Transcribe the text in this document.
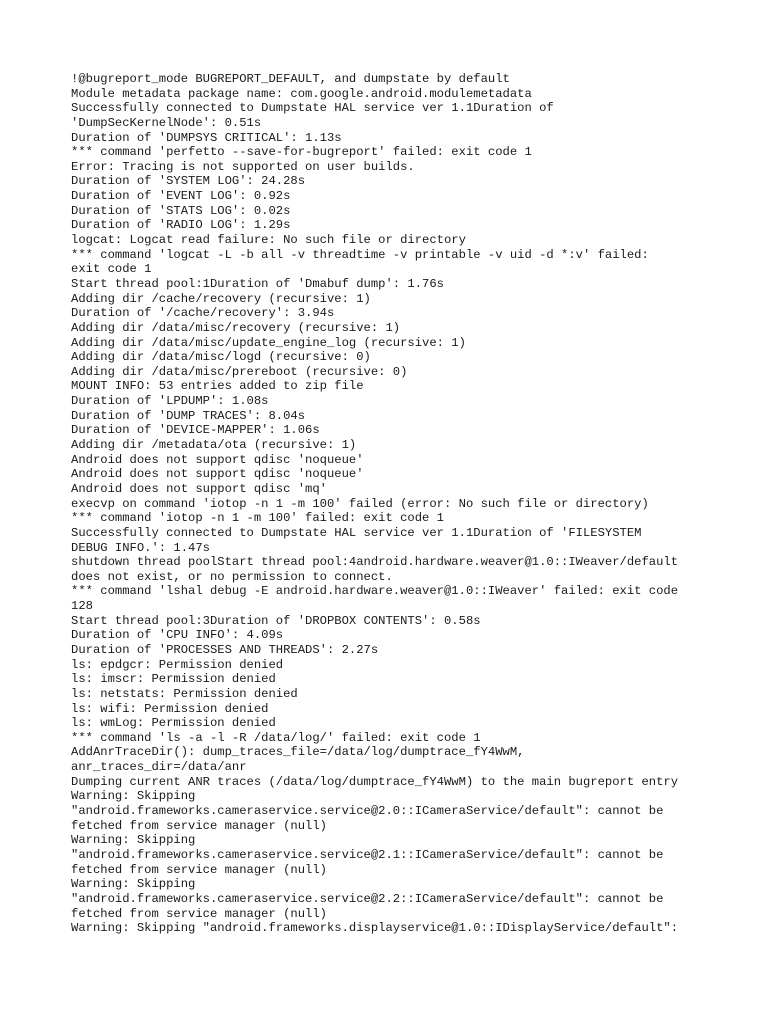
!@bugreport_mode BUGREPORT_DEFAULT, and dumpstate by default
Module metadata package name: com.google.android.modulemetadata
Successfully connected to Dumpstate HAL service ver 1.1Duration of
'DumpSecKernelNode': 0.51s
Duration of 'DUMPSYS CRITICAL': 1.13s
*** command 'perfetto --save-for-bugreport' failed: exit code 1
Error: Tracing is not supported on user builds.
Duration of 'SYSTEM LOG': 24.28s
Duration of 'EVENT LOG': 0.92s
Duration of 'STATS LOG': 0.02s
Duration of 'RADIO LOG': 1.29s
logcat: Logcat read failure: No such file or directory
*** command 'logcat -L -b all -v threadtime -v printable -v uid -d *:v' failed:
exit code 1
Start thread pool:1Duration of 'Dmabuf dump': 1.76s
Adding dir /cache/recovery (recursive: 1)
Duration of '/cache/recovery': 3.94s
Adding dir /data/misc/recovery (recursive: 1)
Adding dir /data/misc/update_engine_log (recursive: 1)
Adding dir /data/misc/logd (recursive: 0)
Adding dir /data/misc/prereboot (recursive: 0)
MOUNT INFO: 53 entries added to zip file
Duration of 'LPDUMP': 1.08s
Duration of 'DUMP TRACES': 8.04s
Duration of 'DEVICE-MAPPER': 1.06s
Adding dir /metadata/ota (recursive: 1)
Android does not support qdisc 'noqueue'
Android does not support qdisc 'noqueue'
Android does not support qdisc 'mq'
execvp on command 'iotop -n 1 -m 100' failed (error: No such file or directory)
*** command 'iotop -n 1 -m 100' failed: exit code 1
Successfully connected to Dumpstate HAL service ver 1.1Duration of 'FILESYSTEM
DEBUG INFO.': 1.47s
shutdown thread poolStart thread pool:4android.hardware.weaver@1.0::IWeaver/default
does not exist, or no permission to connect.
*** command 'lshal debug -E android.hardware.weaver@1.0::IWeaver' failed: exit code
128
Start thread pool:3Duration of 'DROPBOX CONTENTS': 0.58s
Duration of 'CPU INFO': 4.09s
Duration of 'PROCESSES AND THREADS': 2.27s
ls: epdgcr: Permission denied
ls: imscr: Permission denied
ls: netstats: Permission denied
ls: wifi: Permission denied
ls: wmLog: Permission denied
*** command 'ls -a -l -R /data/log/' failed: exit code 1
AddAnrTraceDir(): dump_traces_file=/data/log/dumptrace_fY4WwM,
anr_traces_dir=/data/anr
Dumping current ANR traces (/data/log/dumptrace_fY4WwM) to the main bugreport entry
Warning: Skipping
"android.frameworks.cameraservice.service@2.0::ICameraService/default": cannot be
fetched from service manager (null)
Warning: Skipping
"android.frameworks.cameraservice.service@2.1::ICameraService/default": cannot be
fetched from service manager (null)
Warning: Skipping
"android.frameworks.cameraservice.service@2.2::ICameraService/default": cannot be
fetched from service manager (null)
Warning: Skipping "android.frameworks.displayservice@1.0::IDisplayService/default":
